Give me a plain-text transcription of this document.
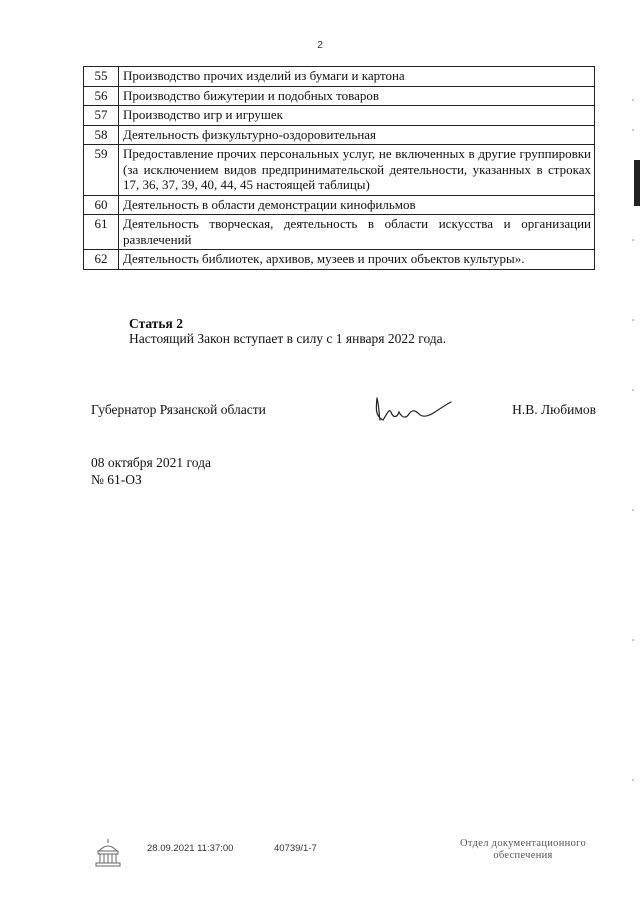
2
55	Производство прочих изделий из бумаги и картона
56	Производство бижутерии и подобных товаров
57	Производство игр и игрушек
58	Деятельность физкультурно-оздоровительная
59	Предоставление прочих персональных услуг, не включенных в другие группировки (за исключением видов предпринимательской деятельности, указанных в строках 17, 36, 37, 39, 40, 44, 45 настоящей таблицы)
60	Деятельность в области демонстрации кинофильмов
61	Деятельность творческая, деятельность в области искусства и организации развлечений
62	Деятельность библиотек, архивов, музеев и прочих объектов культуры».
Статья 2
Настоящий Закон вступает в силу с 1 января 2022 года.
Губернатор Рязанской области	Н.В. Любимов
08 октября 2021 года
№ 61-ОЗ
28.09.2021 11:37:00	40739/1-7	Отдел документационного
обеспечения
